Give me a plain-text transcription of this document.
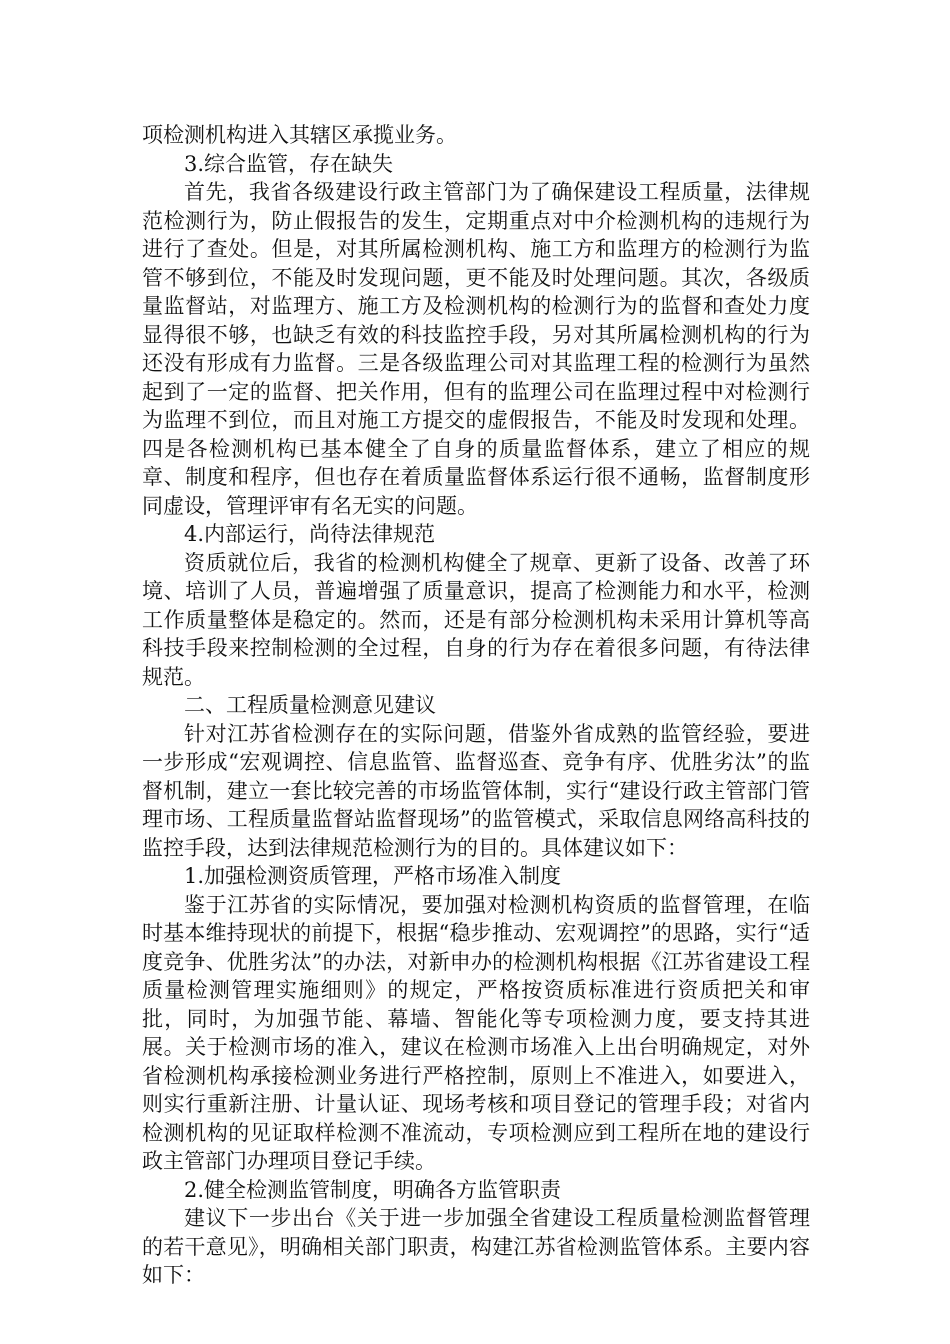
项检测机构进入其辖区承揽业务。

3.综合监管，存在缺失

首先，我省各级建设行政主管部门为了确保建设工程质量，法律规范检测行为，防止假报告的发生，定期重点对中介检测机构的违规行为进行了查处。但是，对其所属检测机构、施工方和监理方的检测行为监管不够到位，不能及时发现问题，更不能及时处理问题。其次，各级质量监督站，对监理方、施工方及检测机构的检测行为的监督和查处力度显得很不够，也缺乏有效的科技监控手段，另对其所属检测机构的行为还没有形成有力监督。三是各级监理公司对其监理工程的检测行为虽然起到了一定的监督、把关作用，但有的监理公司在监理过程中对检测行为监理不到位，而且对施工方提交的虚假报告，不能及时发现和处理。四是各检测机构已基本健全了自身的质量监督体系，建立了相应的规章、制度和程序，但也存在着质量监督体系运行很不通畅，监督制度形同虚设，管理评审有名无实的问题。

4.内部运行，尚待法律规范

资质就位后，我省的检测机构健全了规章、更新了设备、改善了环境、培训了人员，普遍增强了质量意识，提高了检测能力和水平，检测工作质量整体是稳定的。然而，还是有部分检测机构未采用计算机等高科技手段来控制检测的全过程，自身的行为存在着很多问题，有待法律规范。

二、工程质量检测意见建议

针对江苏省检测存在的实际问题，借鉴外省成熟的监管经验，要进一步形成“宏观调控、信息监管、监督巡查、竞争有序、优胜劣汰”的监督机制，建立一套比较完善的市场监管体制，实行“建设行政主管部门管理市场、工程质量监督站监督现场”的监管模式，采取信息网络高科技的监控手段，达到法律规范检测行为的目的。具体建议如下：

1.加强检测资质管理，严格市场准入制度

鉴于江苏省的实际情况，要加强对检测机构资质的监督管理，在临时基本维持现状的前提下，根据“稳步推动、宏观调控”的思路，实行“适度竞争、优胜劣汰”的办法，对新申办的检测机构根据《江苏省建设工程质量检测管理实施细则》的规定，严格按资质标准进行资质把关和审批，同时，为加强节能、幕墙、智能化等专项检测力度，要支持其进展。关于检测市场的准入，建议在检测市场准入上出台明确规定，对外省检测机构承接检测业务进行严格控制，原则上不准进入，如要进入，则实行重新注册、计量认证、现场考核和项目登记的管理手段；对省内检测机构的见证取样检测不准流动，专项检测应到工程所在地的建设行政主管部门办理项目登记手续。

2.健全检测监管制度，明确各方监管职责

建议下一步出台《关于进一步加强全省建设工程质量检测监督管理的若干意见》，明确相关部门职责，构建江苏省检测监管体系。主要内容如下：
